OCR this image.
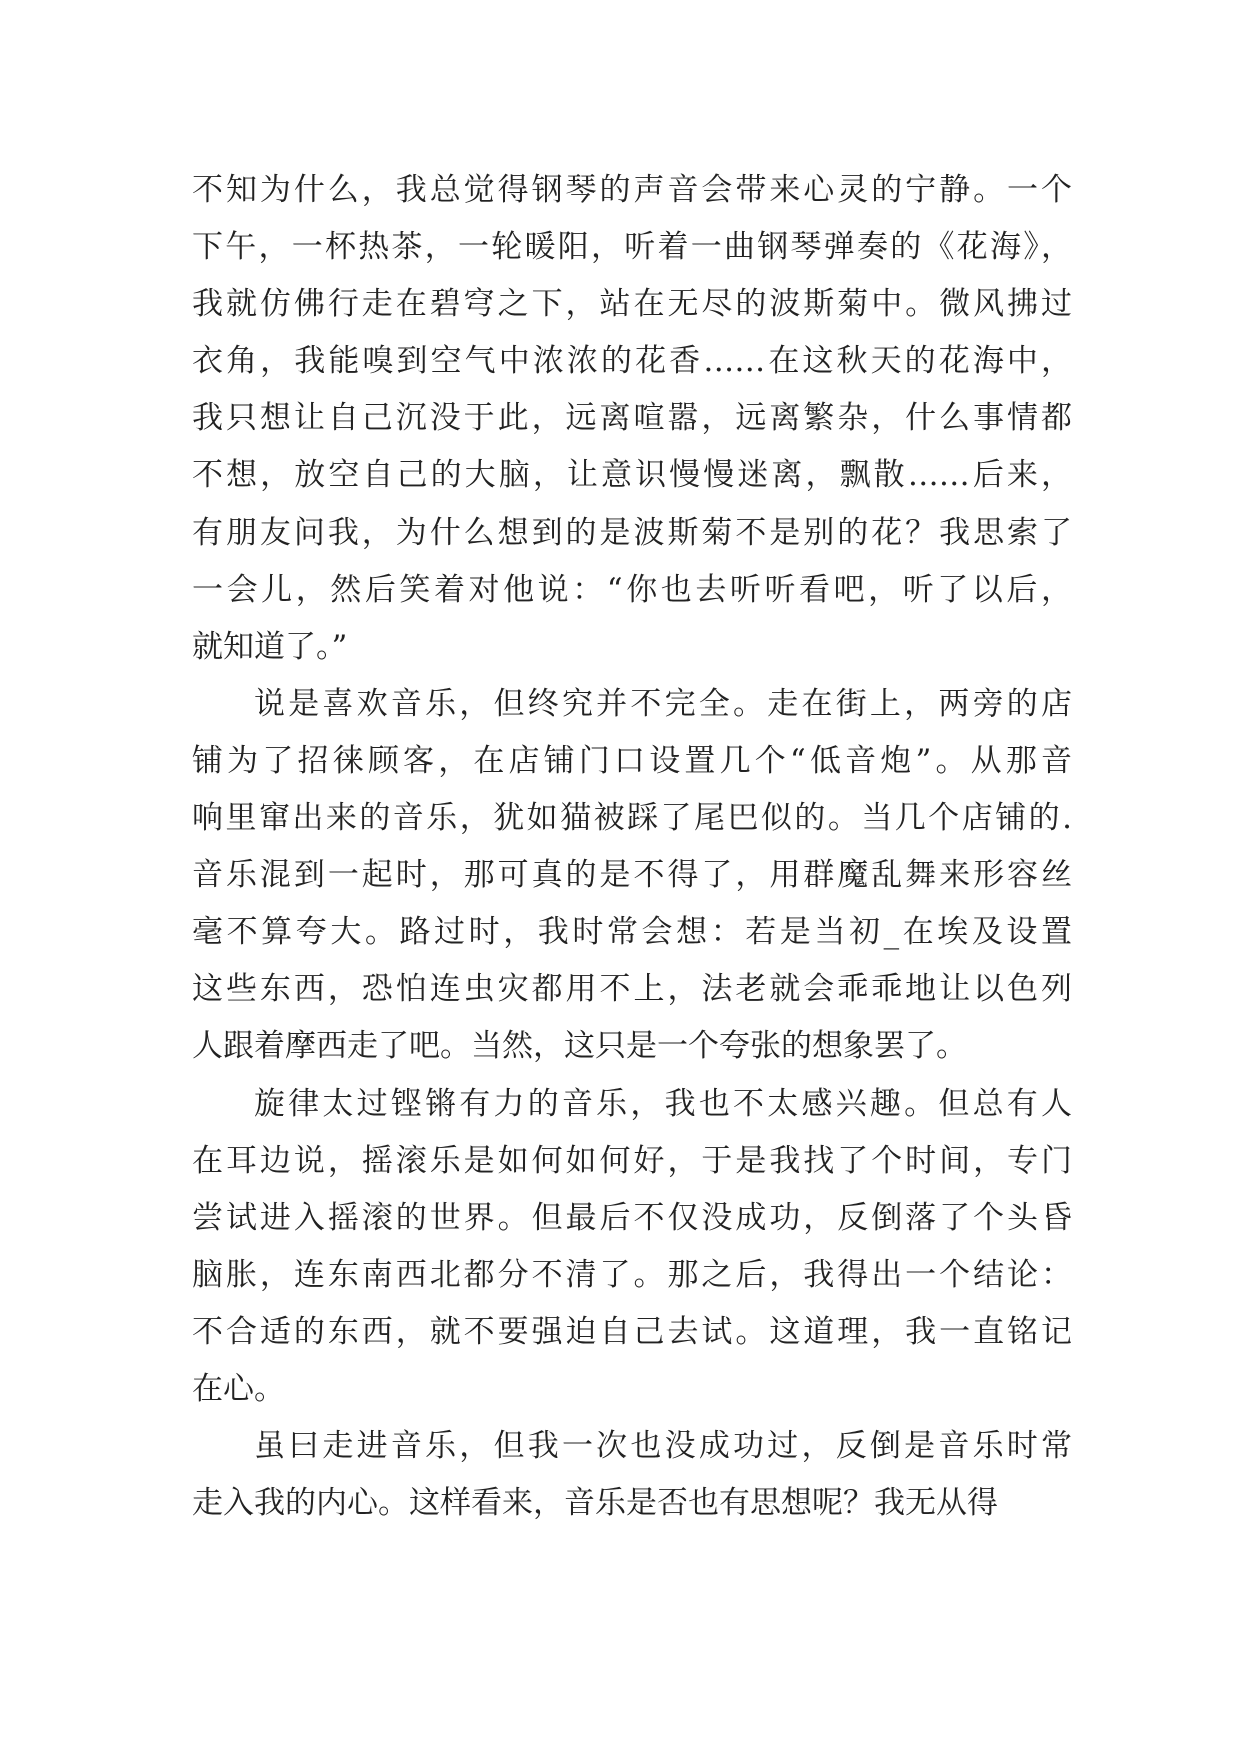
不知为什么，我总觉得钢琴的声音会带来心灵的宁静。一个
下午，一杯热茶，一轮暖阳，听着一曲钢琴弹奏的《花海》，
我就仿佛行走在碧穹之下，站在无尽的波斯菊中。微风拂过
衣角，我能嗅到空气中浓浓的花香……在这秋天的花海中，
我只想让自己沉没于此，远离喧嚣，远离繁杂，什么事情都
不想，放空自己的大脑，让意识慢慢迷离，飘散……后来，
有朋友问我，为什么想到的是波斯菊不是别的花？我思索了
一会儿，然后笑着对他说：“你也去听听看吧，听了以后，
就知道了。”
说是喜欢音乐，但终究并不完全。走在街上，两旁的店
铺为了招徕顾客，在店铺门口设置几个“低音炮”。从那音
响里窜出来的音乐，犹如猫被踩了尾巴似的。当几个店铺的.
音乐混到一起时，那可真的是不得了，用群魔乱舞来形容丝
毫不算夸大。路过时，我时常会想：若是当初_在埃及设置
这些东西，恐怕连虫灾都用不上，法老就会乖乖地让以色列
人跟着摩西走了吧。当然，这只是一个夸张的想象罢了。
旋律太过铿锵有力的音乐，我也不太感兴趣。但总有人
在耳边说，摇滚乐是如何如何好，于是我找了个时间，专门
尝试进入摇滚的世界。但最后不仅没成功，反倒落了个头昏
脑胀，连东南西北都分不清了。那之后，我得出一个结论：
不合适的东西，就不要强迫自己去试。这道理，我一直铭记
在心。
虽曰走进音乐，但我一次也没成功过，反倒是音乐时常
走入我的内心。这样看来，音乐是否也有思想呢？我无从得
